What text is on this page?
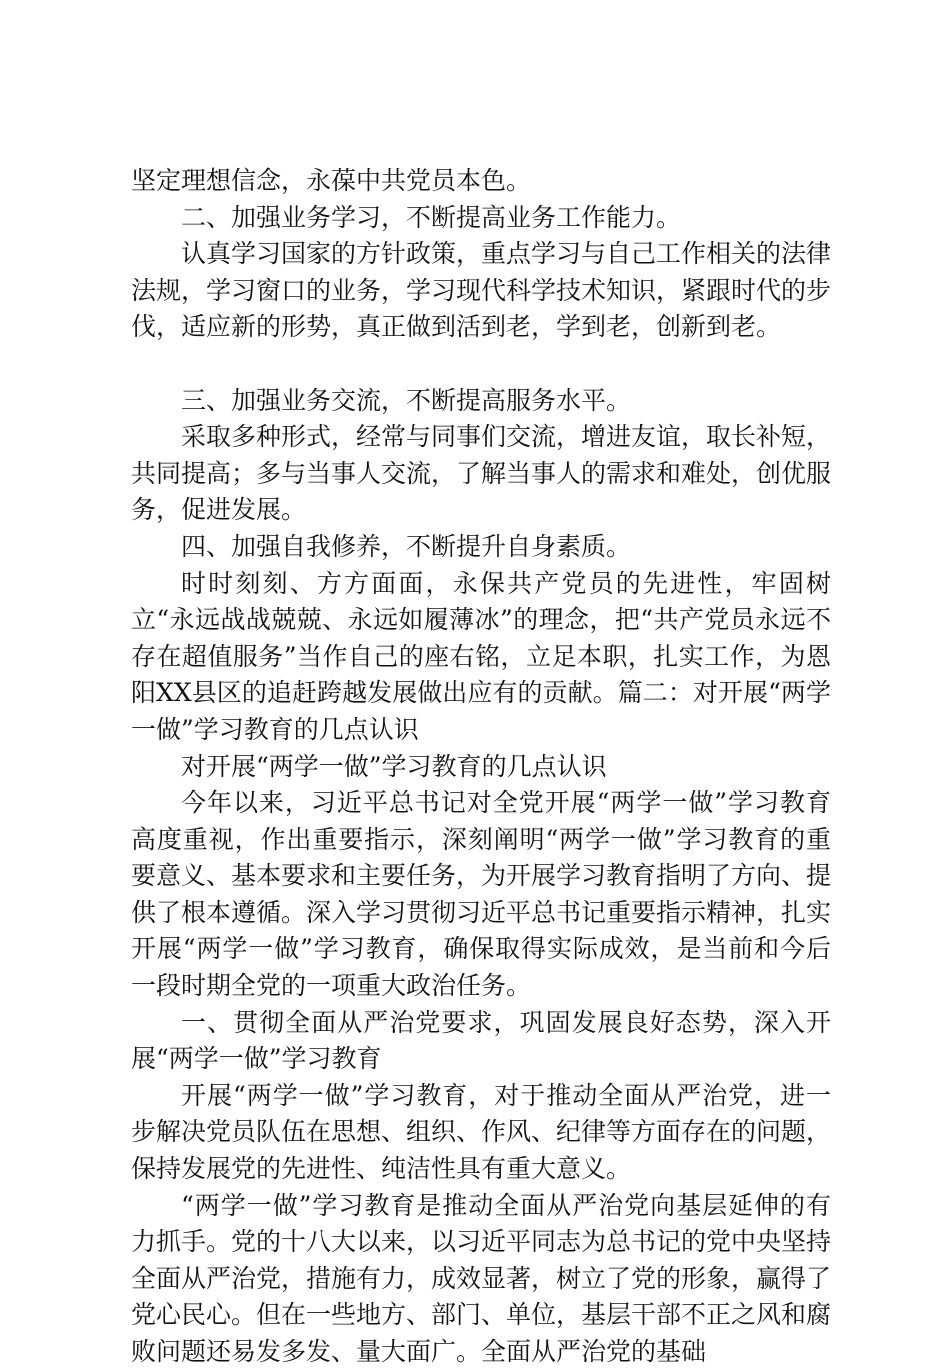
坚定理想信念，永葆中共党员本色。

二、加强业务学习，不断提高业务工作能力。

认真学习国家的方针政策，重点学习与自己工作相关的法律法规，学习窗口的业务，学习现代科学技术知识，紧跟时代的步伐，适应新的形势，真正做到活到老，学到老，创新到老。

三、加强业务交流，不断提高服务水平。

采取多种形式，经常与同事们交流，增进友谊，取长补短，共同提高；多与当事人交流，了解当事人的需求和难处，创优服务，促进发展。

四、加强自我修养，不断提升自身素质。

时时刻刻、方方面面，永保共产党员的先进性，牢固树立“永远战战兢兢、永远如履薄冰”的理念，把“共产党员永远不存在超值服务”当作自己的座右铭，立足本职，扎实工作，为恩阳XX县区的追赶跨越发展做出应有的贡献。篇二：对开展“两学一做”学习教育的几点认识

对开展“两学一做”学习教育的几点认识

今年以来，习近平总书记对全党开展“两学一做”学习教育高度重视，作出重要指示，深刻阐明“两学一做”学习教育的重要意义、基本要求和主要任务，为开展学习教育指明了方向、提供了根本遵循。深入学习贯彻习近平总书记重要指示精神，扎实开展“两学一做”学习教育，确保取得实际成效，是当前和今后一段时期全党的一项重大政治任务。

一、贯彻全面从严治党要求，巩固发展良好态势，深入开展“两学一做”学习教育

开展“两学一做”学习教育，对于推动全面从严治党，进一步解决党员队伍在思想、组织、作风、纪律等方面存在的问题，保持发展党的先进性、纯洁性具有重大意义。

“两学一做”学习教育是推动全面从严治党向基层延伸的有力抓手。党的十八大以来，以习近平同志为总书记的党中央坚持全面从严治党，措施有力，成效显著，树立了党的形象，赢得了党心民心。但在一些地方、部门、单位，基层干部不正之风和腐败问题还易发多发、量大面广。全面从严治党的基础
